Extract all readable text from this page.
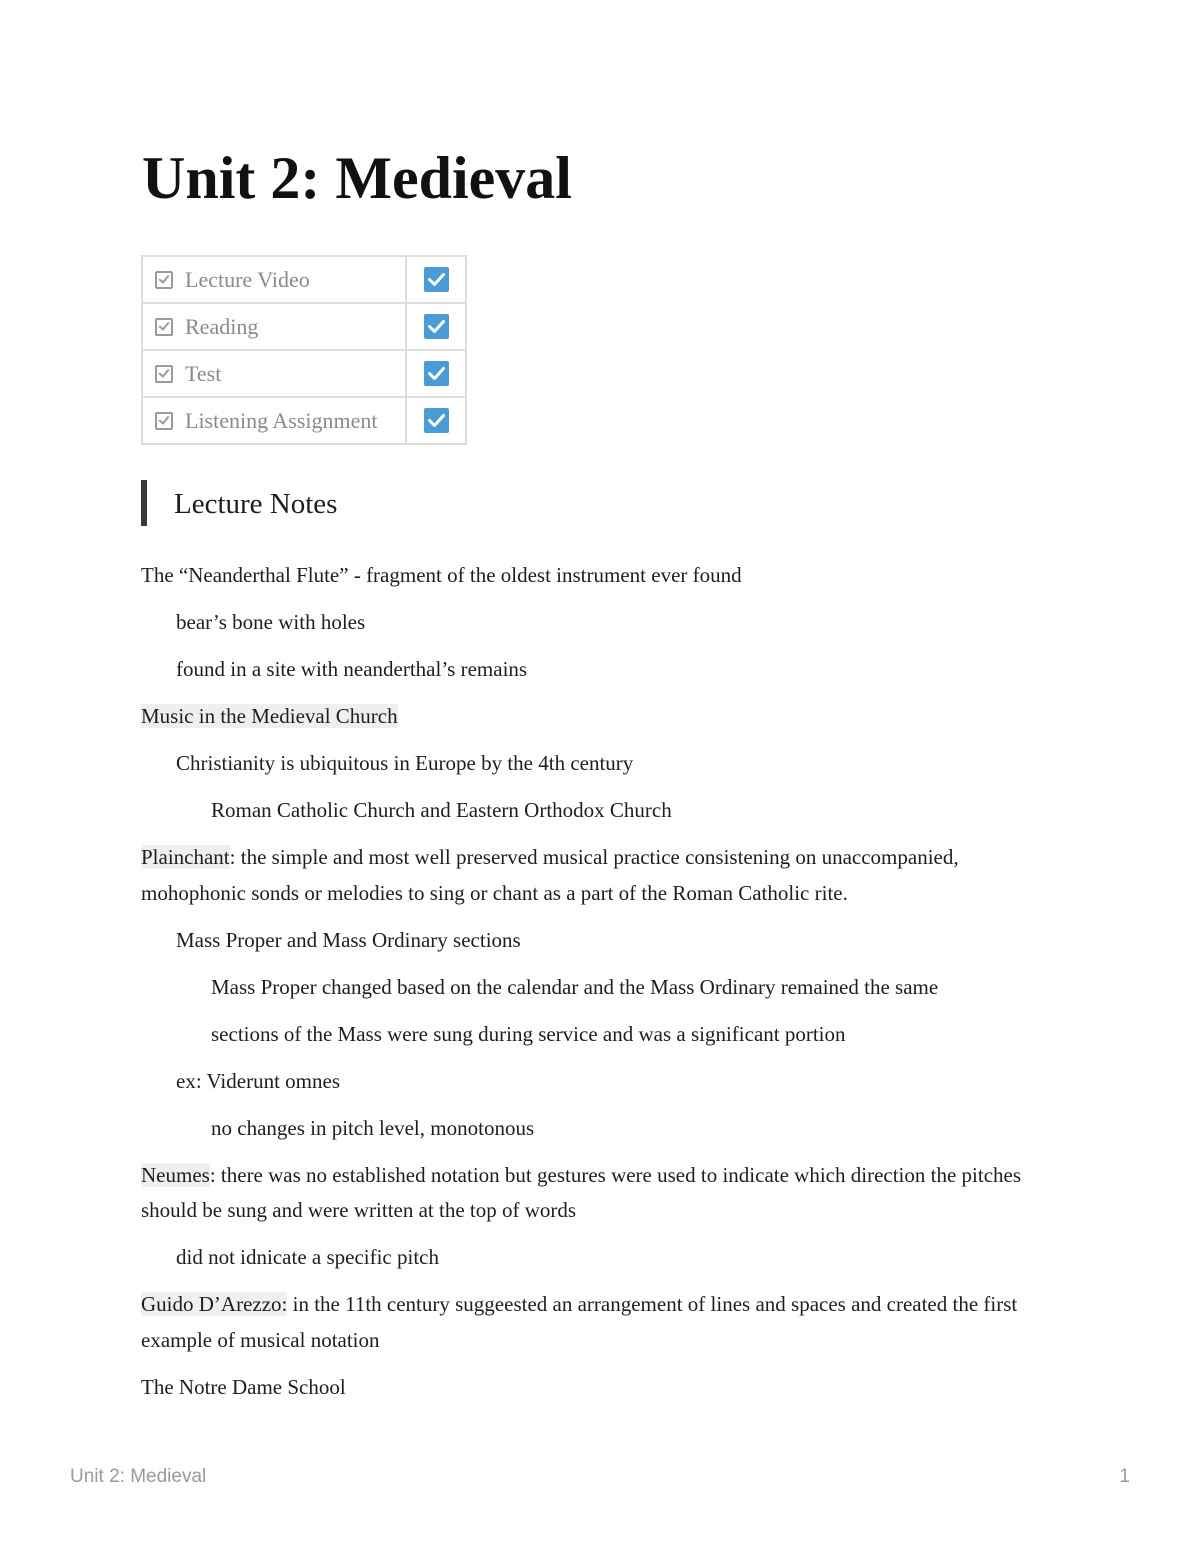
Unit 2: Medieval
Lecture Video

Reading

Test

Listening Assignment

Lecture Notes

The “Neanderthal Flute” - fragment of the oldest instrument ever found

bear’s bone with holes

found in a site with neanderthal’s remains

Music in the Medieval Church

Christianity is ubiquitous in Europe by the 4th century

Roman Catholic Church and Eastern Orthodox Church

Plainchant: the simple and most well preserved musical practice consistening on unaccompanied, mohophonic sonds or melodies to sing or chant as a part of the Roman Catholic rite.

Mass Proper and Mass Ordinary sections

Mass Proper changed based on the calendar and the Mass Ordinary remained the same

sections of the Mass were sung during service and was a significant portion

ex: Viderunt omnes

no changes in pitch level, monotonous

Neumes: there was no established notation but gestures were used to indicate which direction the pitches should be sung and were written at the top of words

did not idnicate a specific pitch

Guido D’Arezzo: in the 11th century suggeested an arrangement of lines and spaces and created the first example of musical notation

The Notre Dame School

Unit 2: Medieval	1
